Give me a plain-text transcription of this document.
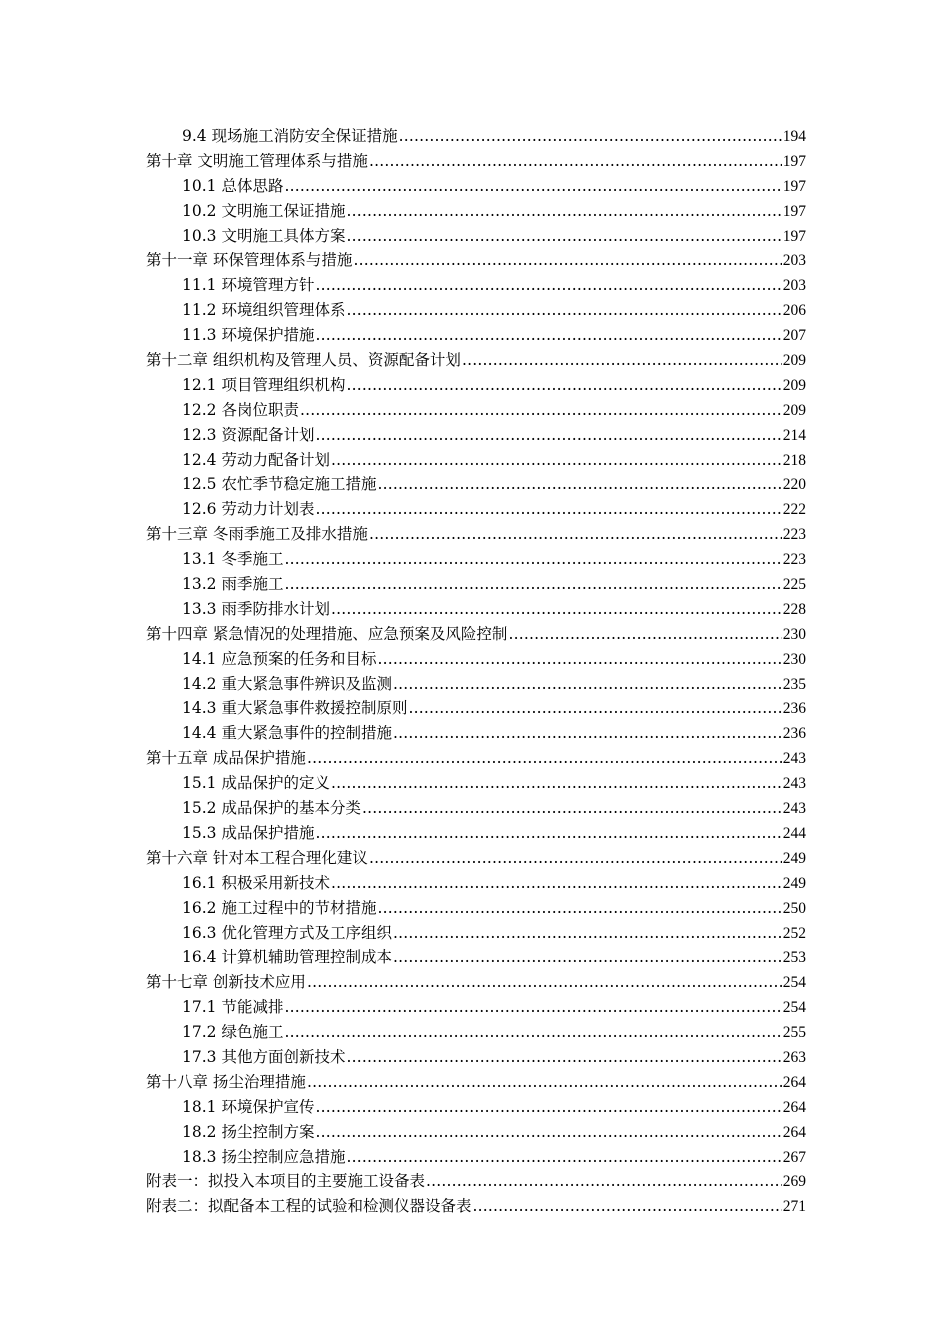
9.4 现场施工消防安全保证措施 .....	194
第十章 文明施工管理体系与措施 .....	197
10.1 总体思路 .....	197
10.2 文明施工保证措施 .....	197
10.3 文明施工具体方案 .....	197
第十一章 环保管理体系与措施 .....	203
11.1 环境管理方针 .....	203
11.2 环境组织管理体系 .....	206
11.3 环境保护措施 .....	207
第十二章 组织机构及管理人员、资源配备计划 .....	209
12.1 项目管理组织机构 .....	209
12.2 各岗位职责 .....	209
12.3 资源配备计划 .....	214
12.4 劳动力配备计划 .....	218
12.5 农忙季节稳定施工措施 .....	220
12.6 劳动力计划表 .....	222
第十三章 冬雨季施工及排水措施 .....	223
13.1 冬季施工 .....	223
13.2 雨季施工 .....	225
13.3 雨季防排水计划 .....	228
第十四章 紧急情况的处理措施、应急预案及风险控制 .....	230
14.1 应急预案的任务和目标 .....	230
14.2 重大紧急事件辨识及监测 .....	235
14.3 重大紧急事件救援控制原则 .....	236
14.4 重大紧急事件的控制措施 .....	236
第十五章 成品保护措施 .....	243
15.1 成品保护的定义 .....	243
15.2 成品保护的基本分类 .....	243
15.3 成品保护措施 .....	244
第十六章 针对本工程合理化建议 .....	249
16.1 积极采用新技术 .....	249
16.2 施工过程中的节材措施 .....	250
16.3 优化管理方式及工序组织 .....	252
16.4 计算机辅助管理控制成本 .....	253
第十七章 创新技术应用 .....	254
17.1 节能减排 .....	254
17.2 绿色施工 .....	255
17.3 其他方面创新技术 .....	263
第十八章 扬尘治理措施 .....	264
18.1 环境保护宣传 .....	264
18.2 扬尘控制方案 .....	264
18.3 扬尘控制应急措施 .....	267
附表一：拟投入本项目的主要施工设备表 .....	269
附表二：拟配备本工程的试验和检测仪器设备表 .....	271
